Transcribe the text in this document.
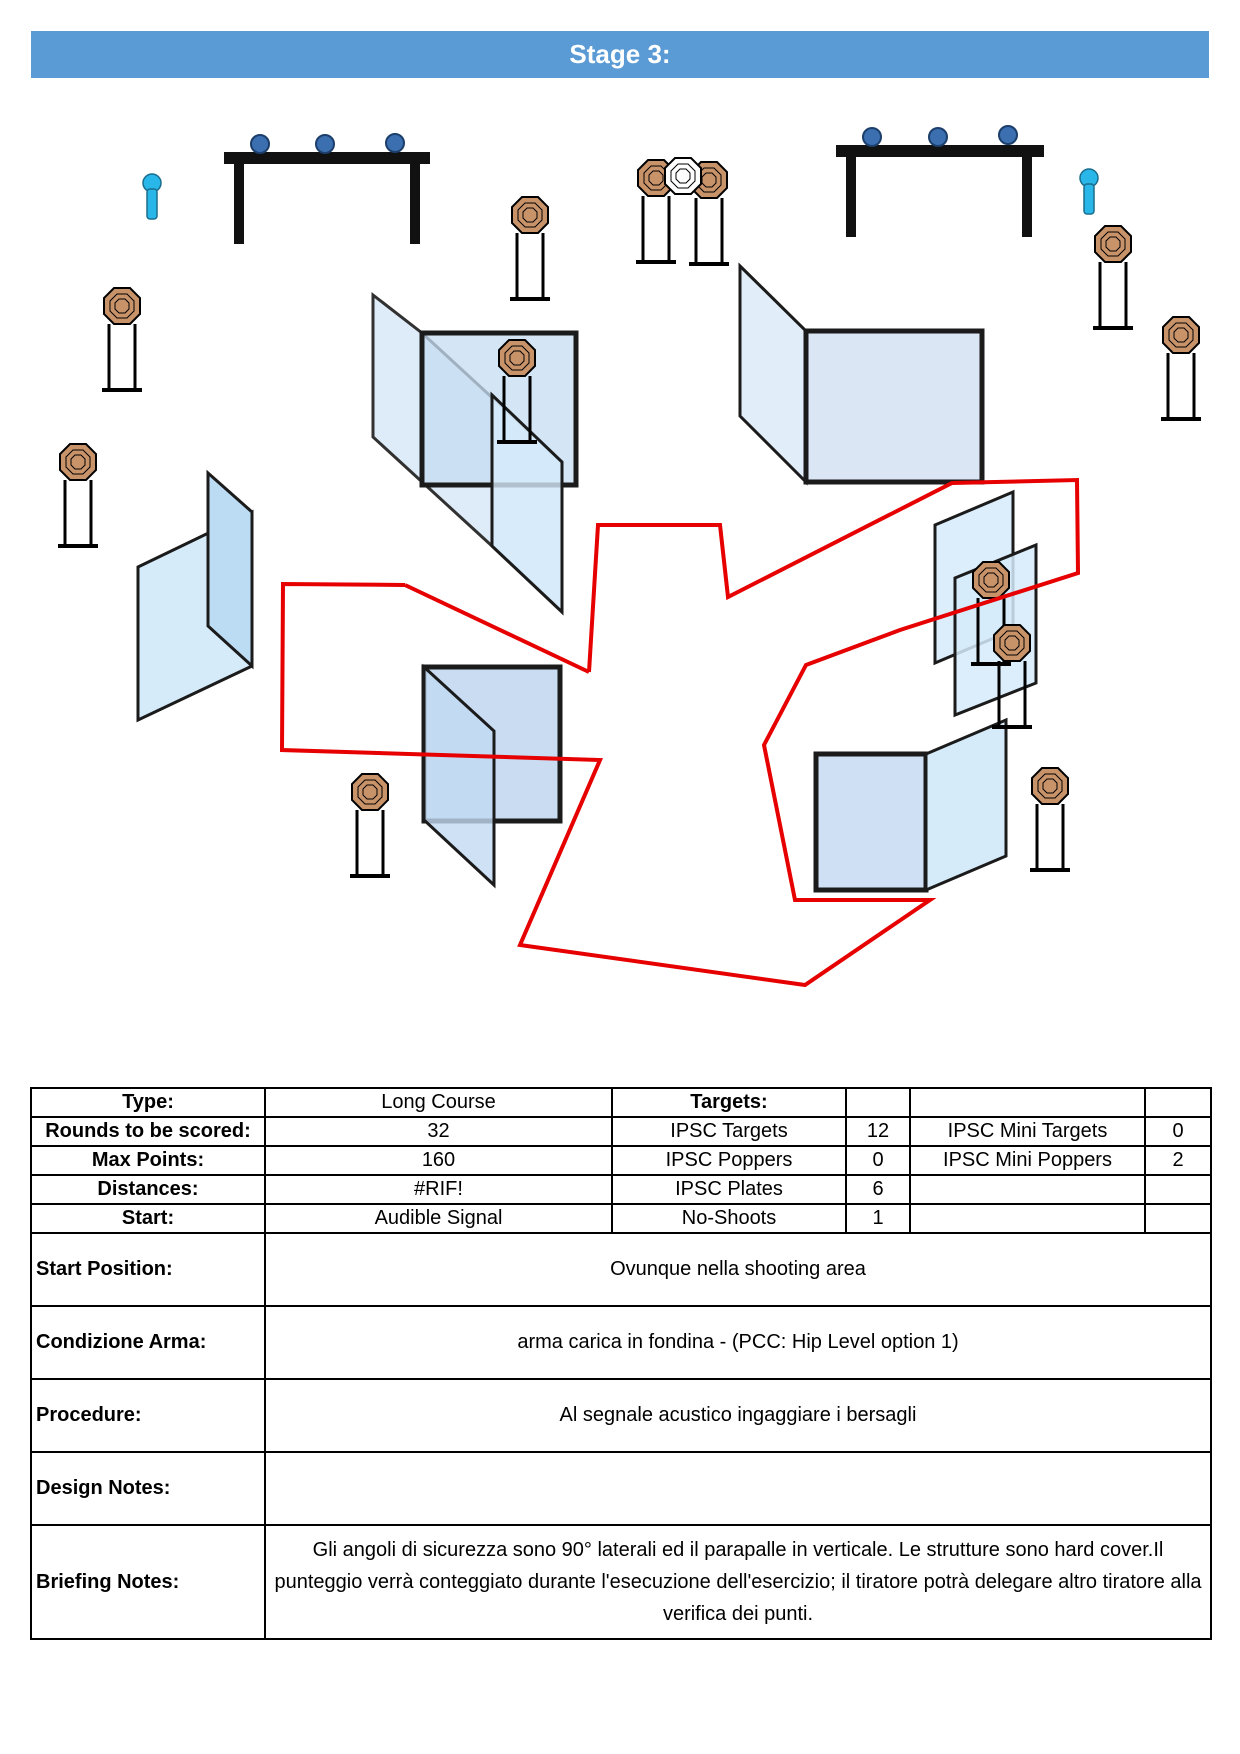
Stage 3:
Type:	Long Course	Targets:			
Rounds to be scored:	32	IPSC Targets	12	IPSC Mini Targets	0
Max Points:	160	IPSC Poppers	0	IPSC Mini Poppers	2
Distances:	#RIF!	IPSC Plates	6		
Start:	Audible Signal	No-Shoots	1		
Start Position:	Ovunque nella shooting area				
Condizione Arma:	arma carica in fondina - (PCC: Hip Level option 1)				
Procedure:	Al segnale acustico ingaggiare i bersagli				
Design Notes:					
Briefing Notes:	Gli angoli di sicurezza sono 90° laterali ed il parapalle in verticale. Le strutture sono hard cover.Il punteggio verrà conteggiato durante l'esecuzione dell'esercizio; il tiratore potrà delegare altro tiratore alla verifica dei punti.				
